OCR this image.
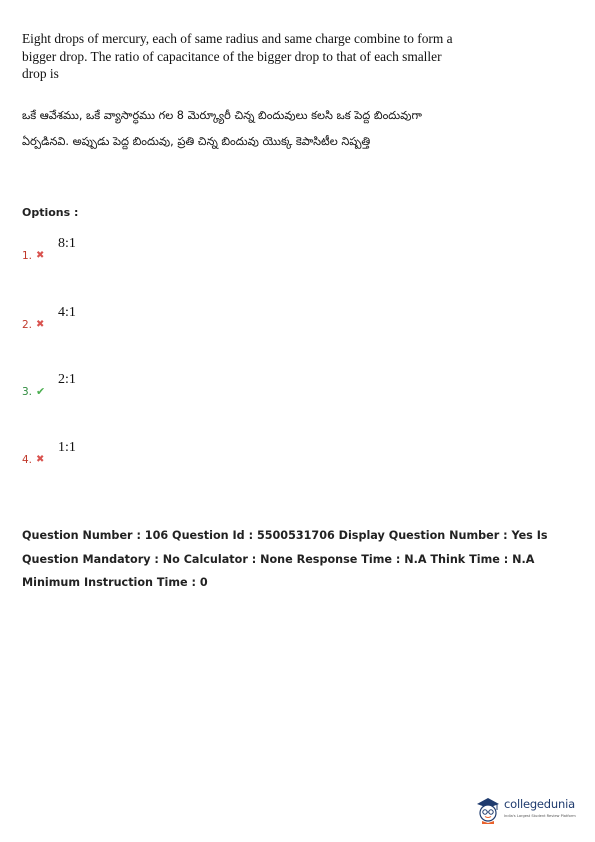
Eight drops of mercury, each of same radius and same charge combine to form a bigger drop. The ratio of capacitance of the bigger drop to that of each smaller drop is
ఒకే ఆవేశము, ఒకే వ్యాసార్ధము గల 8 మెర్క్యూరీ చిన్న బిందువులు కలసి ఒక పెద్ద బిందువుగా ఏర్పడినవి. అప్పుడు పెద్ద బిందువు, ప్రతి చిన్న బిందువు యొక్క కెపాసిటీల నిష్పత్తి
Options :
1. ✖
8:1
2. ✖
4:1
3. ✔
2:1
4. ✖
1:1
Question Number : 106 Question Id : 5500531706 Display Question Number : Yes Is Question Mandatory : No Calculator : None Response Time : N.A Think Time : N.A Minimum Instruction Time : 0
collegedunia
India's Largest Student Review Platform
